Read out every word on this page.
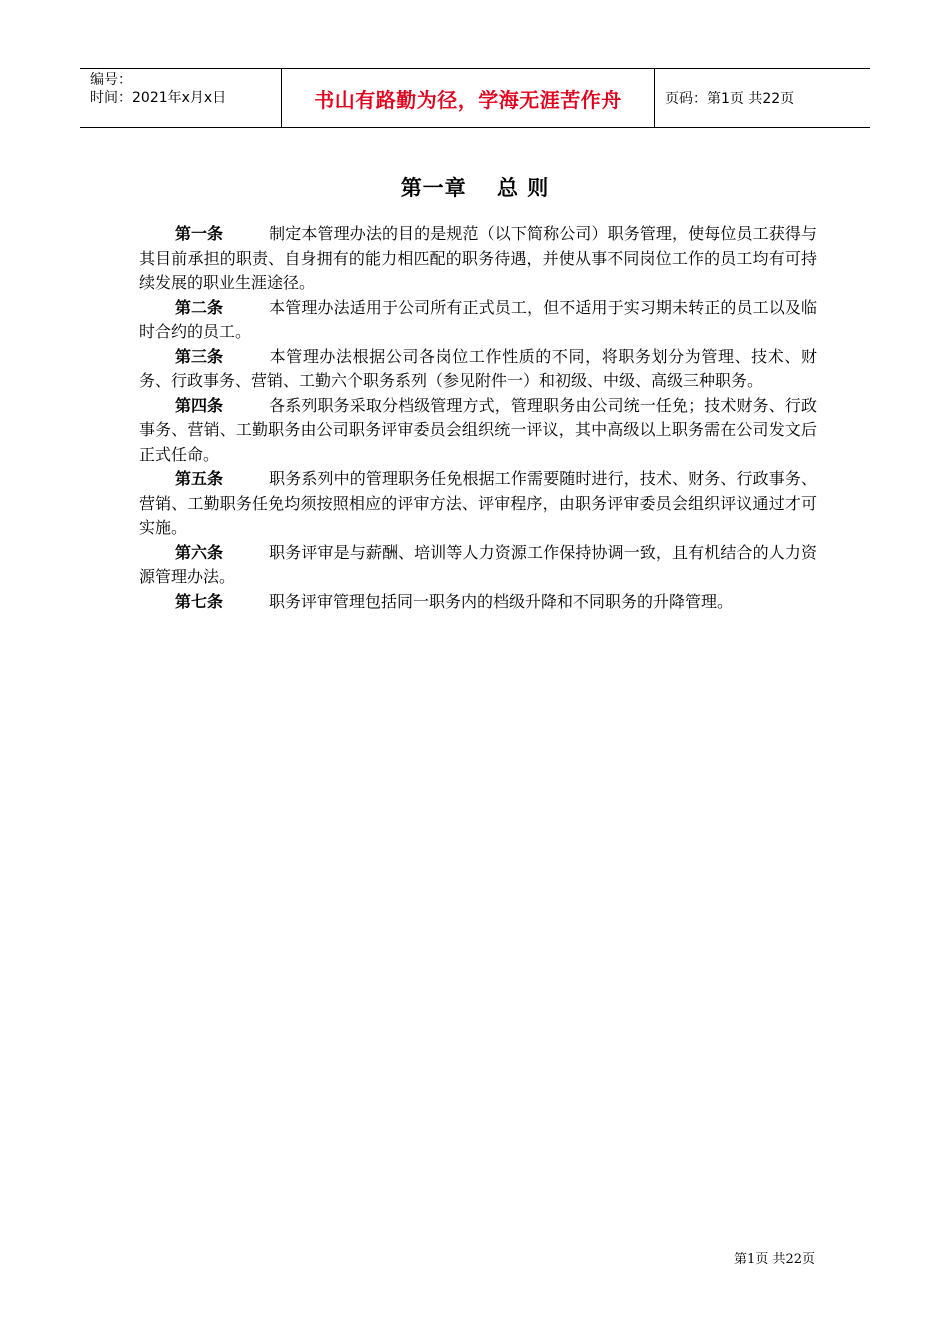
编号：
时间：2021年x月x日	书山有路勤为径，学海无涯苦作舟	页码：第1页 共22页
第一章　 总 则

第一条	制定本管理办法的目的是规范（以下简称公司）职务管理，使每位员工获得与其目前承担的职责、自身拥有的能力相匹配的职务待遇，并使从事不同岗位工作的员工均有可持续发展的职业生涯途径。

第二条	本管理办法适用于公司所有正式员工，但不适用于实习期未转正的员工以及临时合约的员工。

第三条	本管理办法根据公司各岗位工作性质的不同，将职务划分为管理、技术、财务、行政事务、营销、工勤六个职务系列（参见附件一）和初级、中级、高级三种职务。

第四条	各系列职务采取分档级管理方式，管理职务由公司统一任免；技术财务、行政事务、营销、工勤职务由公司职务评审委员会组织统一评议，其中高级以上职务需在公司发文后正式任命。

第五条	职务系列中的管理职务任免根据工作需要随时进行，技术、财务、行政事务、营销、工勤职务任免均须按照相应的评审方法、评审程序，由职务评审委员会组织评议通过才可实施。

第六条	职务评审是与薪酬、培训等人力资源工作保持协调一致，且有机结合的人力资源管理办法。

第七条	职务评审管理包括同一职务内的档级升降和不同职务的升降管理。

第1页 共22页
